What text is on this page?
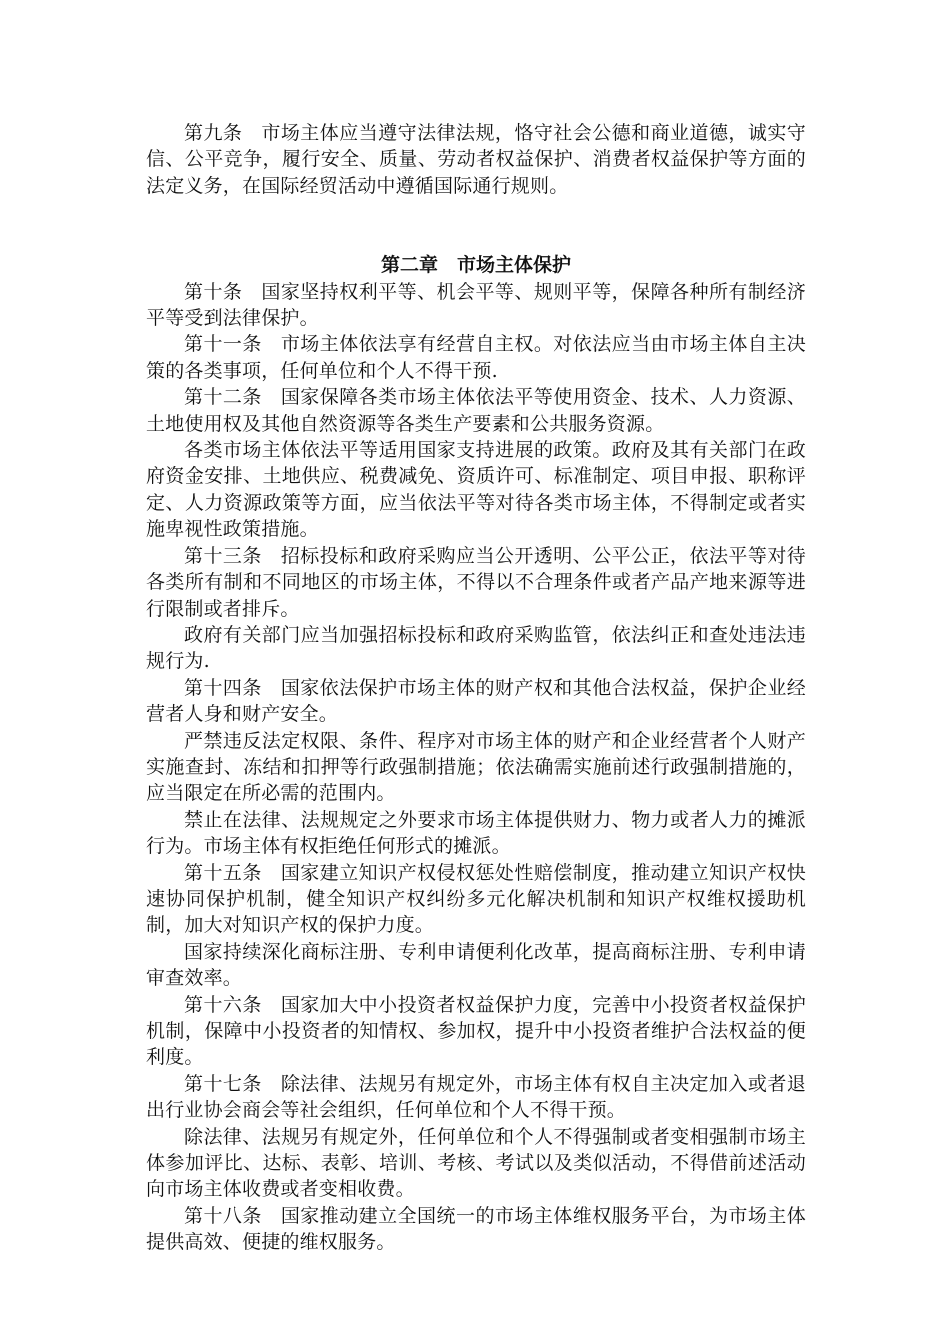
第九条 市场主体应当遵守法律法规，恪守社会公德和商业道德，诚实守信、公平竞争，履行安全、质量、劳动者权益保护、消费者权益保护等方面的法定义务，在国际经贸活动中遵循国际通行规则。

第二章　市场主体保护

第十条 国家坚持权利平等、机会平等、规则平等，保障各种所有制经济平等受到法律保护。

第十一条 市场主体依法享有经营自主权。对依法应当由市场主体自主决策的各类事项，任何单位和个人不得干预.

第十二条 国家保障各类市场主体依法平等使用资金、技术、人力资源、土地使用权及其他自然资源等各类生产要素和公共服务资源。

各类市场主体依法平等适用国家支持进展的政策。政府及其有关部门在政府资金安排、土地供应、税费减免、资质许可、标准制定、项目申报、职称评定、人力资源政策等方面，应当依法平等对待各类市场主体，不得制定或者实施卑视性政策措施。

第十三条 招标投标和政府采购应当公开透明、公平公正，依法平等对待各类所有制和不同地区的市场主体，不得以不合理条件或者产品产地来源等进行限制或者排斥。

政府有关部门应当加强招标投标和政府采购监管，依法纠正和查处违法违规行为.

第十四条 国家依法保护市场主体的财产权和其他合法权益，保护企业经营者人身和财产安全。

严禁违反法定权限、条件、程序对市场主体的财产和企业经营者个人财产实施查封、冻结和扣押等行政强制措施；依法确需实施前述行政强制措施的，应当限定在所必需的范围内。

禁止在法律、法规规定之外要求市场主体提供财力、物力或者人力的摊派行为。市场主体有权拒绝任何形式的摊派。

第十五条 国家建立知识产权侵权惩处性赔偿制度，推动建立知识产权快速协同保护机制，健全知识产权纠纷多元化解决机制和知识产权维权援助机制，加大对知识产权的保护力度。

国家持续深化商标注册、专利申请便利化改革，提高商标注册、专利申请审查效率。

第十六条 国家加大中小投资者权益保护力度，完善中小投资者权益保护机制，保障中小投资者的知情权、参加权，提升中小投资者维护合法权益的便利度。

第十七条 除法律、法规另有规定外，市场主体有权自主决定加入或者退出行业协会商会等社会组织，任何单位和个人不得干预。

除法律、法规另有规定外，任何单位和个人不得强制或者变相强制市场主体参加评比、达标、表彰、培训、考核、考试以及类似活动，不得借前述活动向市场主体收费或者变相收费。

第十八条 国家推动建立全国统一的市场主体维权服务平台，为市场主体提供高效、便捷的维权服务。
